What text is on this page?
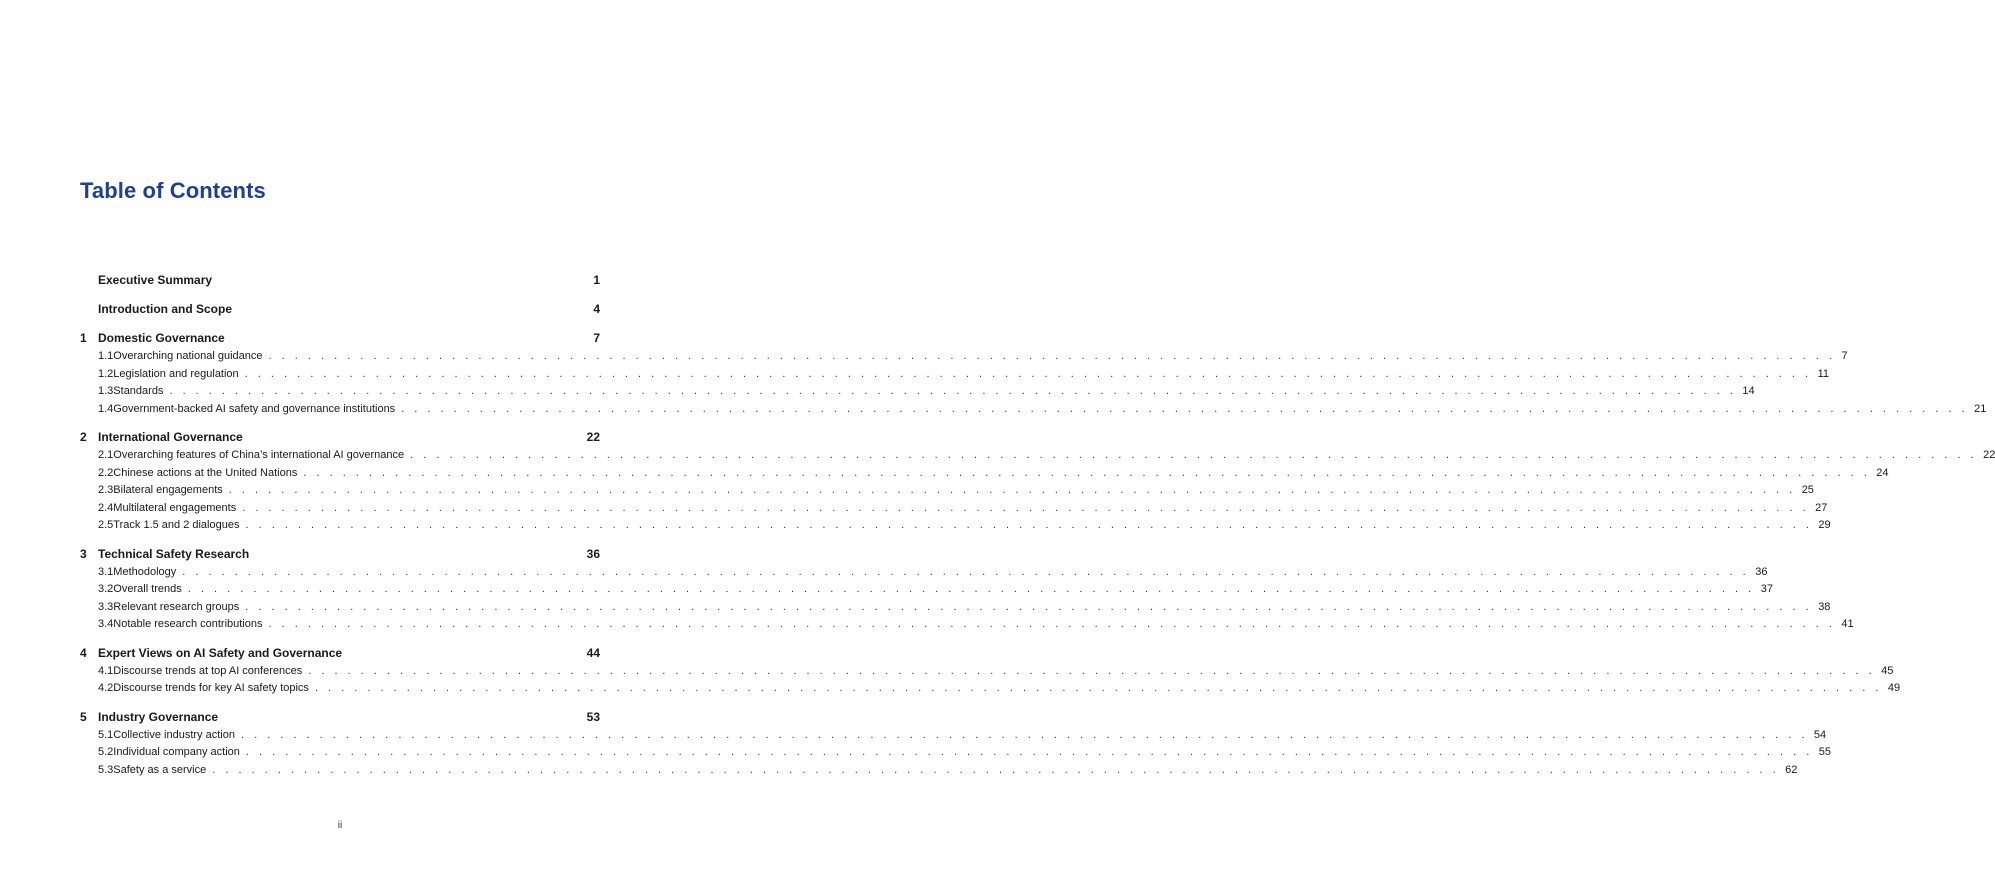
Table of Contents
Executive Summary	1
Introduction and Scope	4
1 Domestic Governance	7
1.1 Overarching national guidance . . . . . . . . . . . . . . . . . . . . . . . . . . . . . . . . . . . . . . . . . . . . . . . . . . . . . . . . . . . . . . . . . . . . . . . . . . . . . . . . . . . . . . . . . . . . . . . . . . . . . . . . . . . . . . . . . . . . . . . . 7
1.2 Legislation and regulation . . . . . . . . . . . . . . . . . . . . . . . . . . . . . . . . . . . . . . . . . . . . . . . . . . . . . . . . . . . . . . . . . . . . . . . . . . . . . . . . . . . . . . . . . . . . . . . . . . . . . . . . . . . . . . . . . . . . . . . . 11
1.3 Standards . . . . . . . . . . . . . . . . . . . . . . . . . . . . . . . . . . . . . . . . . . . . . . . . . . . . . . . . . . . . . . . . . . . . . . . . . . . . . . . . . . . . . . . . . . . . . . . . . . . . . . . . . . . . . . . . . . . . . . . . 14
1.4 Government-backed AI safety and governance institutions . . . . . . . . . . . . . . . . . . . . . . . . . . . . . . . . . . . . . . . . . . . . . . . . . . . . . . . . . . . . . . . . . . . . . . . . . . . . . . . . . . . . . . . . . . . . . . . . . . . . . . . . . . . . . . . . . . . . . . . . 21
2 International Governance	22
2.1 Overarching features of China’s international AI governance . . . . . . . . . . . . . . . . . . . . . . . . . . . . . . . . . . . . . . . . . . . . . . . . . . . . . . . . . . . . . . . . . . . . . . . . . . . . . . . . . . . . . . . . . . . . . . . . . . . . . . . . . . . . . . . . . . . . . . . . 22
2.2 Chinese actions at the United Nations . . . . . . . . . . . . . . . . . . . . . . . . . . . . . . . . . . . . . . . . . . . . . . . . . . . . . . . . . . . . . . . . . . . . . . . . . . . . . . . . . . . . . . . . . . . . . . . . . . . . . . . . . . . . . . . . . . . . . . . . 24
2.3 Bilateral engagements . . . . . . . . . . . . . . . . . . . . . . . . . . . . . . . . . . . . . . . . . . . . . . . . . . . . . . . . . . . . . . . . . . . . . . . . . . . . . . . . . . . . . . . . . . . . . . . . . . . . . . . . . . . . . . . . . . . . . . . . 25
2.4 Multilateral engagements . . . . . . . . . . . . . . . . . . . . . . . . . . . . . . . . . . . . . . . . . . . . . . . . . . . . . . . . . . . . . . . . . . . . . . . . . . . . . . . . . . . . . . . . . . . . . . . . . . . . . . . . . . . . . . . . . . . . . . . . 27
2.5 Track 1.5 and 2 dialogues . . . . . . . . . . . . . . . . . . . . . . . . . . . . . . . . . . . . . . . . . . . . . . . . . . . . . . . . . . . . . . . . . . . . . . . . . . . . . . . . . . . . . . . . . . . . . . . . . . . . . . . . . . . . . . . . . . . . . . . . 29
3 Technical Safety Research	36
3.1 Methodology . . . . . . . . . . . . . . . . . . . . . . . . . . . . . . . . . . . . . . . . . . . . . . . . . . . . . . . . . . . . . . . . . . . . . . . . . . . . . . . . . . . . . . . . . . . . . . . . . . . . . . . . . . . . . . . . . . . . . . . . 36
3.2 Overall trends . . . . . . . . . . . . . . . . . . . . . . . . . . . . . . . . . . . . . . . . . . . . . . . . . . . . . . . . . . . . . . . . . . . . . . . . . . . . . . . . . . . . . . . . . . . . . . . . . . . . . . . . . . . . . . . . . . . . . . . . 37
3.3 Relevant research groups . . . . . . . . . . . . . . . . . . . . . . . . . . . . . . . . . . . . . . . . . . . . . . . . . . . . . . . . . . . . . . . . . . . . . . . . . . . . . . . . . . . . . . . . . . . . . . . . . . . . . . . . . . . . . . . . . . . . . . . . 38
3.4 Notable research contributions . . . . . . . . . . . . . . . . . . . . . . . . . . . . . . . . . . . . . . . . . . . . . . . . . . . . . . . . . . . . . . . . . . . . . . . . . . . . . . . . . . . . . . . . . . . . . . . . . . . . . . . . . . . . . . . . . . . . . . . . 41
4 Expert Views on AI Safety and Governance	44
4.1 Discourse trends at top AI conferences . . . . . . . . . . . . . . . . . . . . . . . . . . . . . . . . . . . . . . . . . . . . . . . . . . . . . . . . . . . . . . . . . . . . . . . . . . . . . . . . . . . . . . . . . . . . . . . . . . . . . . . . . . . . . . . . . . . . . . . . 45
4.2 Discourse trends for key AI safety topics . . . . . . . . . . . . . . . . . . . . . . . . . . . . . . . . . . . . . . . . . . . . . . . . . . . . . . . . . . . . . . . . . . . . . . . . . . . . . . . . . . . . . . . . . . . . . . . . . . . . . . . . . . . . . . . . . . . . . . . . 49
5 Industry Governance	53
5.1 Collective industry action . . . . . . . . . . . . . . . . . . . . . . . . . . . . . . . . . . . . . . . . . . . . . . . . . . . . . . . . . . . . . . . . . . . . . . . . . . . . . . . . . . . . . . . . . . . . . . . . . . . . . . . . . . . . . . . . . . . . . . . . 54
5.2 Individual company action . . . . . . . . . . . . . . . . . . . . . . . . . . . . . . . . . . . . . . . . . . . . . . . . . . . . . . . . . . . . . . . . . . . . . . . . . . . . . . . . . . . . . . . . . . . . . . . . . . . . . . . . . . . . . . . . . . . . . . . . 55
5.3 Safety as a service . . . . . . . . . . . . . . . . . . . . . . . . . . . . . . . . . . . . . . . . . . . . . . . . . . . . . . . . . . . . . . . . . . . . . . . . . . . . . . . . . . . . . . . . . . . . . . . . . . . . . . . . . . . . . . . . . . . . . . . . 62
ii
